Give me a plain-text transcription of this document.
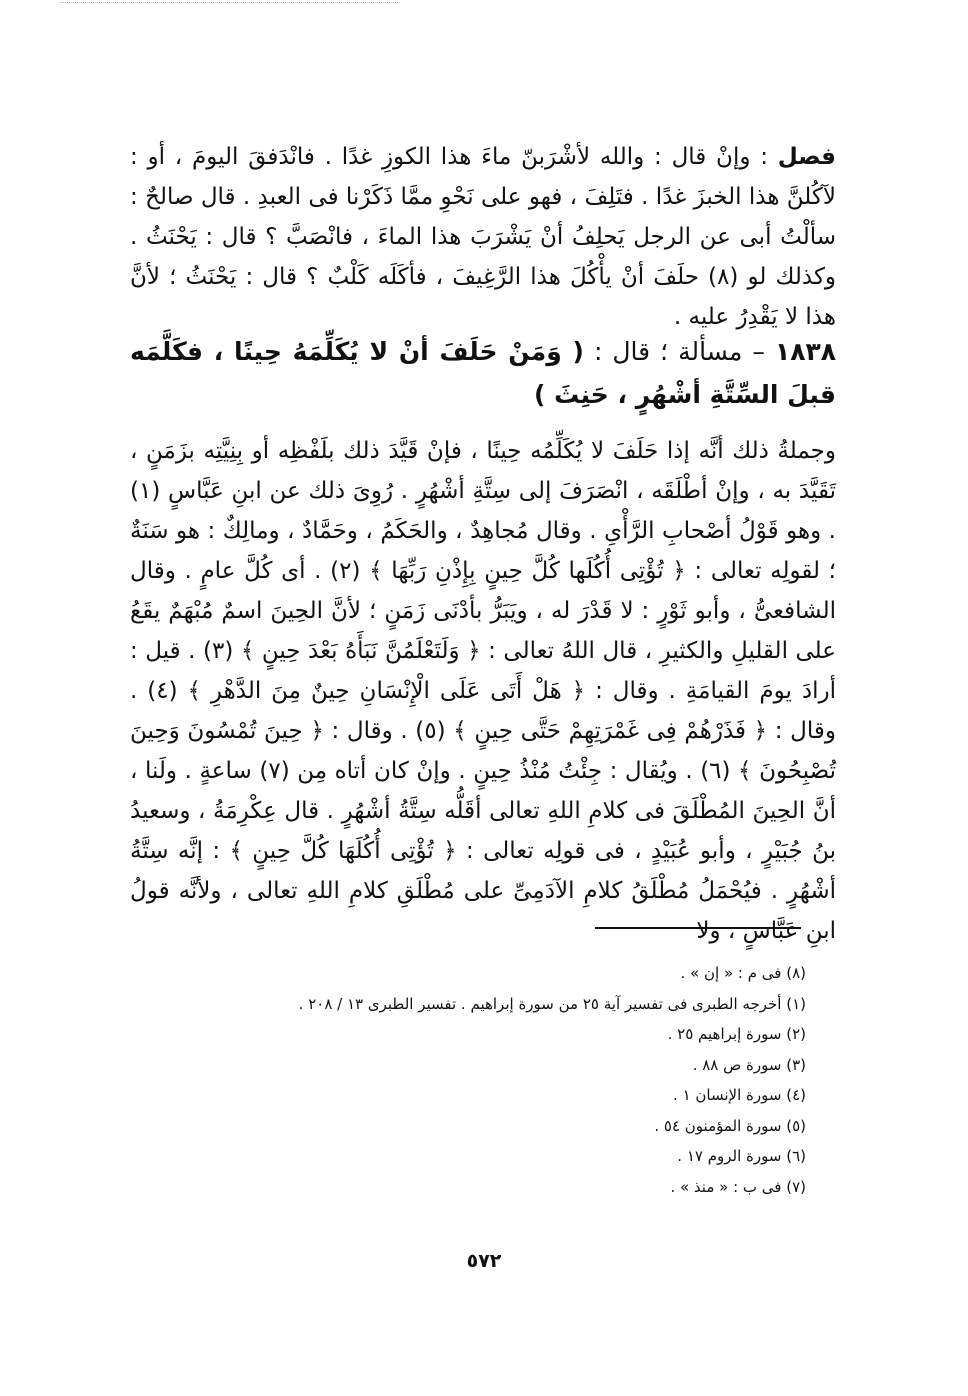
فصل : وإنْ قال : والله لأشْرَبنّ ماءَ هذا الكوزِ غدًا . فانْدَفقَ اليومَ ، أو : لآكُلنَّ هذا الخبزَ غدًا . فتَلِفَ ، فهو على نَحْوِ ممَّا ذَكَرْنا فى العبدِ . قال صالحٌ : سألْتُ أبى عن الرجل يَحلِفُ أنْ يَشْرَبَ هذا الماءَ ، فانْصَبَّ ؟ قال : يَحْنَثُ . وكذلك لو (٨) حلَفَ أنْ يأْكُلَ هذا الرَّغِيفَ ، فأكَلَه كَلْبٌ ؟ قال : يَحْنَثُ ؛ لأنَّ هذا لا يَقْدِرُ عليه .

١٨٣٨ – مسألة ؛ قال : ( وَمَنْ حَلَفَ أنْ لا يُكَلِّمَهُ حِينًا ، فكَلَّمَه قبلَ السِّتَّةِ أشْهُرٍ ، حَنِثَ )

وجملةُ ذلك أنَّه إذا حَلَفَ لا يُكَلِّمُه حِينًا ، فإنْ قَيَّدَ ذلك بلَفْظِه أو بِنِيَّتِه بزَمَنٍ ، تَقَيَّدَ به ، وإنْ أطْلَقَه ، انْصَرَفَ إلى سِتَّةِ أشْهُرٍ . رُوِىَ ذلك عن ابنِ عَبَّاسٍ (١) . وهو قَوْلُ أصْحابِ الرَّأْىِ . وقال مُجاهِدٌ ، والحَكَمُ ، وحَمَّادٌ ، ومالِكٌ : هو سَنَةٌ ؛ لقولِه تعالى : ﴿ تُؤْتِى أُكُلَها كُلَّ حِينٍ بِإِذْنِ رَبِّهَا ﴾ (٢) . أى كُلَّ عامٍ . وقال الشافعىُّ ، وأبو ثَوْرٍ : لا قَدْرَ له ، ويَبَرُّ بأدْنَى زَمَنٍ ؛ لأنَّ الحِينَ اسمٌ مُبْهَمٌ يقَعُ على القليلِ والكثيرِ ، قال اللهُ تعالى : ﴿ وَلَتَعْلَمُنَّ نَبَأَهُ بَعْدَ حِينٍ ﴾ (٣) . قيل : أرادَ يومَ القيامَةِ . وقال : ﴿ هَلْ أَتَى عَلَى الْإِنْسَانِ حِينٌ مِنَ الدَّهْرِ ﴾ (٤) . وقال : ﴿ فَذَرْهُمْ فِى غَمْرَتِهِمْ حَتَّى حِينٍ ﴾ (٥) . وقال : ﴿ حِينَ تُمْسُونَ وَحِينَ تُصْبِحُونَ ﴾ (٦) . ويُقال : جِئْتُ مُنْذُ حِينٍ . وإنْ كان أتاه مِن (٧) ساعةٍ . ولَنا ، أنَّ الحِينَ المُطْلَقَ فى كلامِ اللهِ تعالى أقَلُّه سِتَّةُ أشْهُرٍ . قال عِكْرِمَةُ ، وسعيدُ بنُ جُبَيْرٍ ، وأبو عُبَيْدٍ ، فى قولِه تعالى : ﴿ تُؤْتِى أُكُلَهَا كُلَّ حِينٍ ﴾ : إنَّه سِتَّةُ أشْهُرٍ . فيُحْمَلُ مُطْلَقُ كلامِ الآدَمِىِّ على مُطْلَقِ كلامِ اللهِ تعالى ، ولأنَّه قولُ ابنِ عَبَّاسٍ ، ولا

(٨) فى م : « إن » .
(١) أخرجه الطبرى فى تفسير آية ٢٥ من سورة إبراهيم . تفسير الطبرى ١٣ / ٢٠٨ .
(٢) سورة إبراهيم ٢٥ .
(٣) سورة ص ٨٨ .
(٤) سورة الإنسان ١ .
(٥) سورة المؤمنون ٥٤ .
(٦) سورة الروم ١٧ .
(٧) فى ب : « منذ » .
٥٧٢
